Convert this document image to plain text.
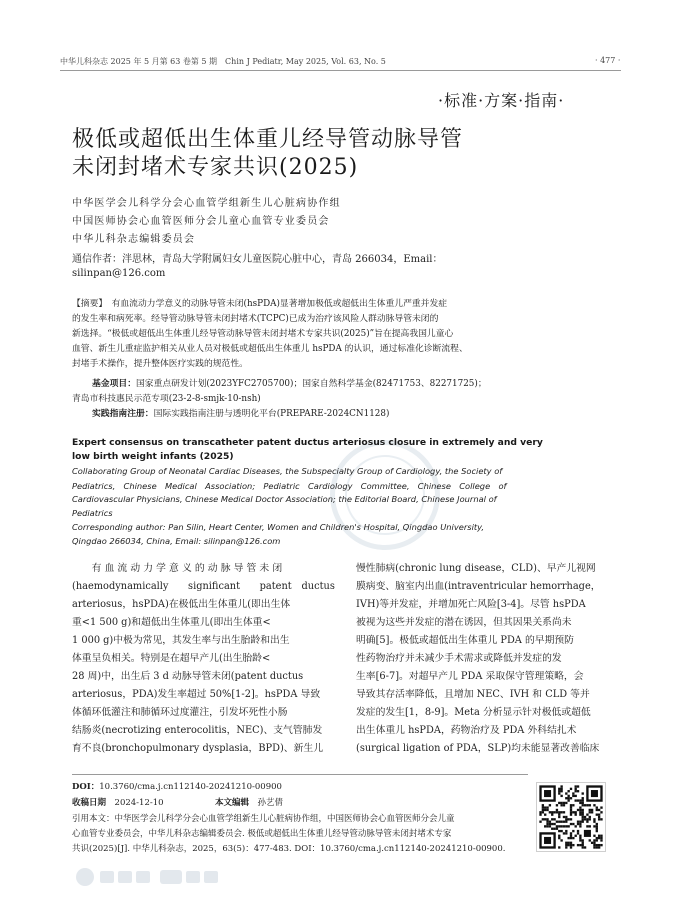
中华儿科杂志 2025 年 5 月第 63 卷第 5 期　Chin J Pediatr, May 2025, Vol. 63, No. 5	· 477 ·
·标准·方案·指南·
极低或超低出生体重儿经导管动脉导管
未闭封堵术专家共识(2025)
中华医学会儿科学分会心血管学组新生儿心脏病协作组
中国医师协会心血管医师分会儿童心血管专业委员会
中华儿科杂志编辑委员会
通信作者：泮思林，青岛大学附属妇女儿童医院心脏中心，青岛 266034，Email：
silinpan@126.com
【摘要】　有血流动力学意义的动脉导管未闭(hsPDA)显著增加极低或超低出生体重儿严重并发症
的发生率和病死率。经导管动脉导管未闭封堵术(TCPC)已成为治疗该风险人群动脉导管未闭的
新选择。“极低或超低出生体重儿经导管动脉导管未闭封堵术专家共识(2025)”旨在提高我国儿童心
血管、新生儿重症监护相关从业人员对极低或超低出生体重儿 hsPDA 的认识，通过标准化诊断流程、
封堵手术操作，提升整体医疗实践的规范性。
基金项目：国家重点研发计划(2023YFC2705700)；国家自然科学基金(82471753、82271725)；
青岛市科技惠民示范专项(23-2-8-smjk-10-nsh)
实践指南注册：国际实践指南注册与透明化平台(PREPARE-2024CN1128)
Expert consensus on transcatheter patent ductus arteriosus closure in extremely and very
low birth weight infants (2025)
Collaborating Group of Neonatal Cardiac Diseases, the Subspecialty Group of Cardiology, the Society of
Pediatrics,　Chinese　Medical　Association;　Pediatric　Cardiology　Committee,　Chinese　College　of
Cardiovascular Physicians, Chinese Medical Doctor Association; the Editorial Board, Chinese Journal of
Pediatrics
Corresponding author: Pan Silin, Heart Center, Women and Children's Hospital, Qingdao University,
Qingdao 266034, China, Email: silinpan@126.com
　　有 血 流 动 力 学 意 义 的 动 脉 导 管 未 闭
(haemodynamically　　significant　　patent　ductus
arteriosus，hsPDA)在极低出生体重儿(即出生体
重<1 500 g)和超低出生体重儿(即出生体重<
1 000 g)中极为常见，其发生率与出生胎龄和出生
体重呈负相关。特别是在超早产儿(出生胎龄<
28 周)中，出生后 3 d 动脉导管未闭(patent ductus
arteriosus，PDA)发生率超过 50%[1-2]。hsPDA 导致
体循环低灌注和肺循环过度灌注，引发坏死性小肠
结肠炎(necrotizing enterocolitis，NEC)、支气管肺发
育不良(bronchopulmonary dysplasia，BPD)、新生儿
慢性肺病(chronic lung disease，CLD)、早产儿视网
膜病变、脑室内出血(intraventricular hemorrhage，
IVH)等并发症，并增加死亡风险[3-4]。尽管 hsPDA
被视为这些并发症的潜在诱因，但其因果关系尚未
明确[5]。极低或超低出生体重儿 PDA 的早期预防
性药物治疗并未减少手术需求或降低并发症的发
生率[6-7]。对超早产儿 PDA 采取保守管理策略，会
导致其存活率降低，且增加 NEC、IVH 和 CLD 等并
发症的发生[1，8-9]。Meta 分析显示针对极低或超低
出生体重儿 hsPDA，药物治疗及 PDA 外科结扎术
(surgical ligation of PDA，SLP)均未能显著改善临床
DOI：10.3760/cma.j.cn112140-20241210-00900
收稿日期　 2024-12-10	本文编辑　 孙艺倩
引用本文：中华医学会儿科学分会心血管学组新生儿心脏病协作组，中国医师协会心血管医师分会儿童
心血管专业委员会，中华儿科杂志编辑委员会. 极低或超低出生体重儿经导管动脉导管未闭封堵术专家
共识(2025)[J]. 中华儿科杂志，2025，63(5)：477-483. DOI：10.3760/cma.j.cn112140-20241210-00900.
